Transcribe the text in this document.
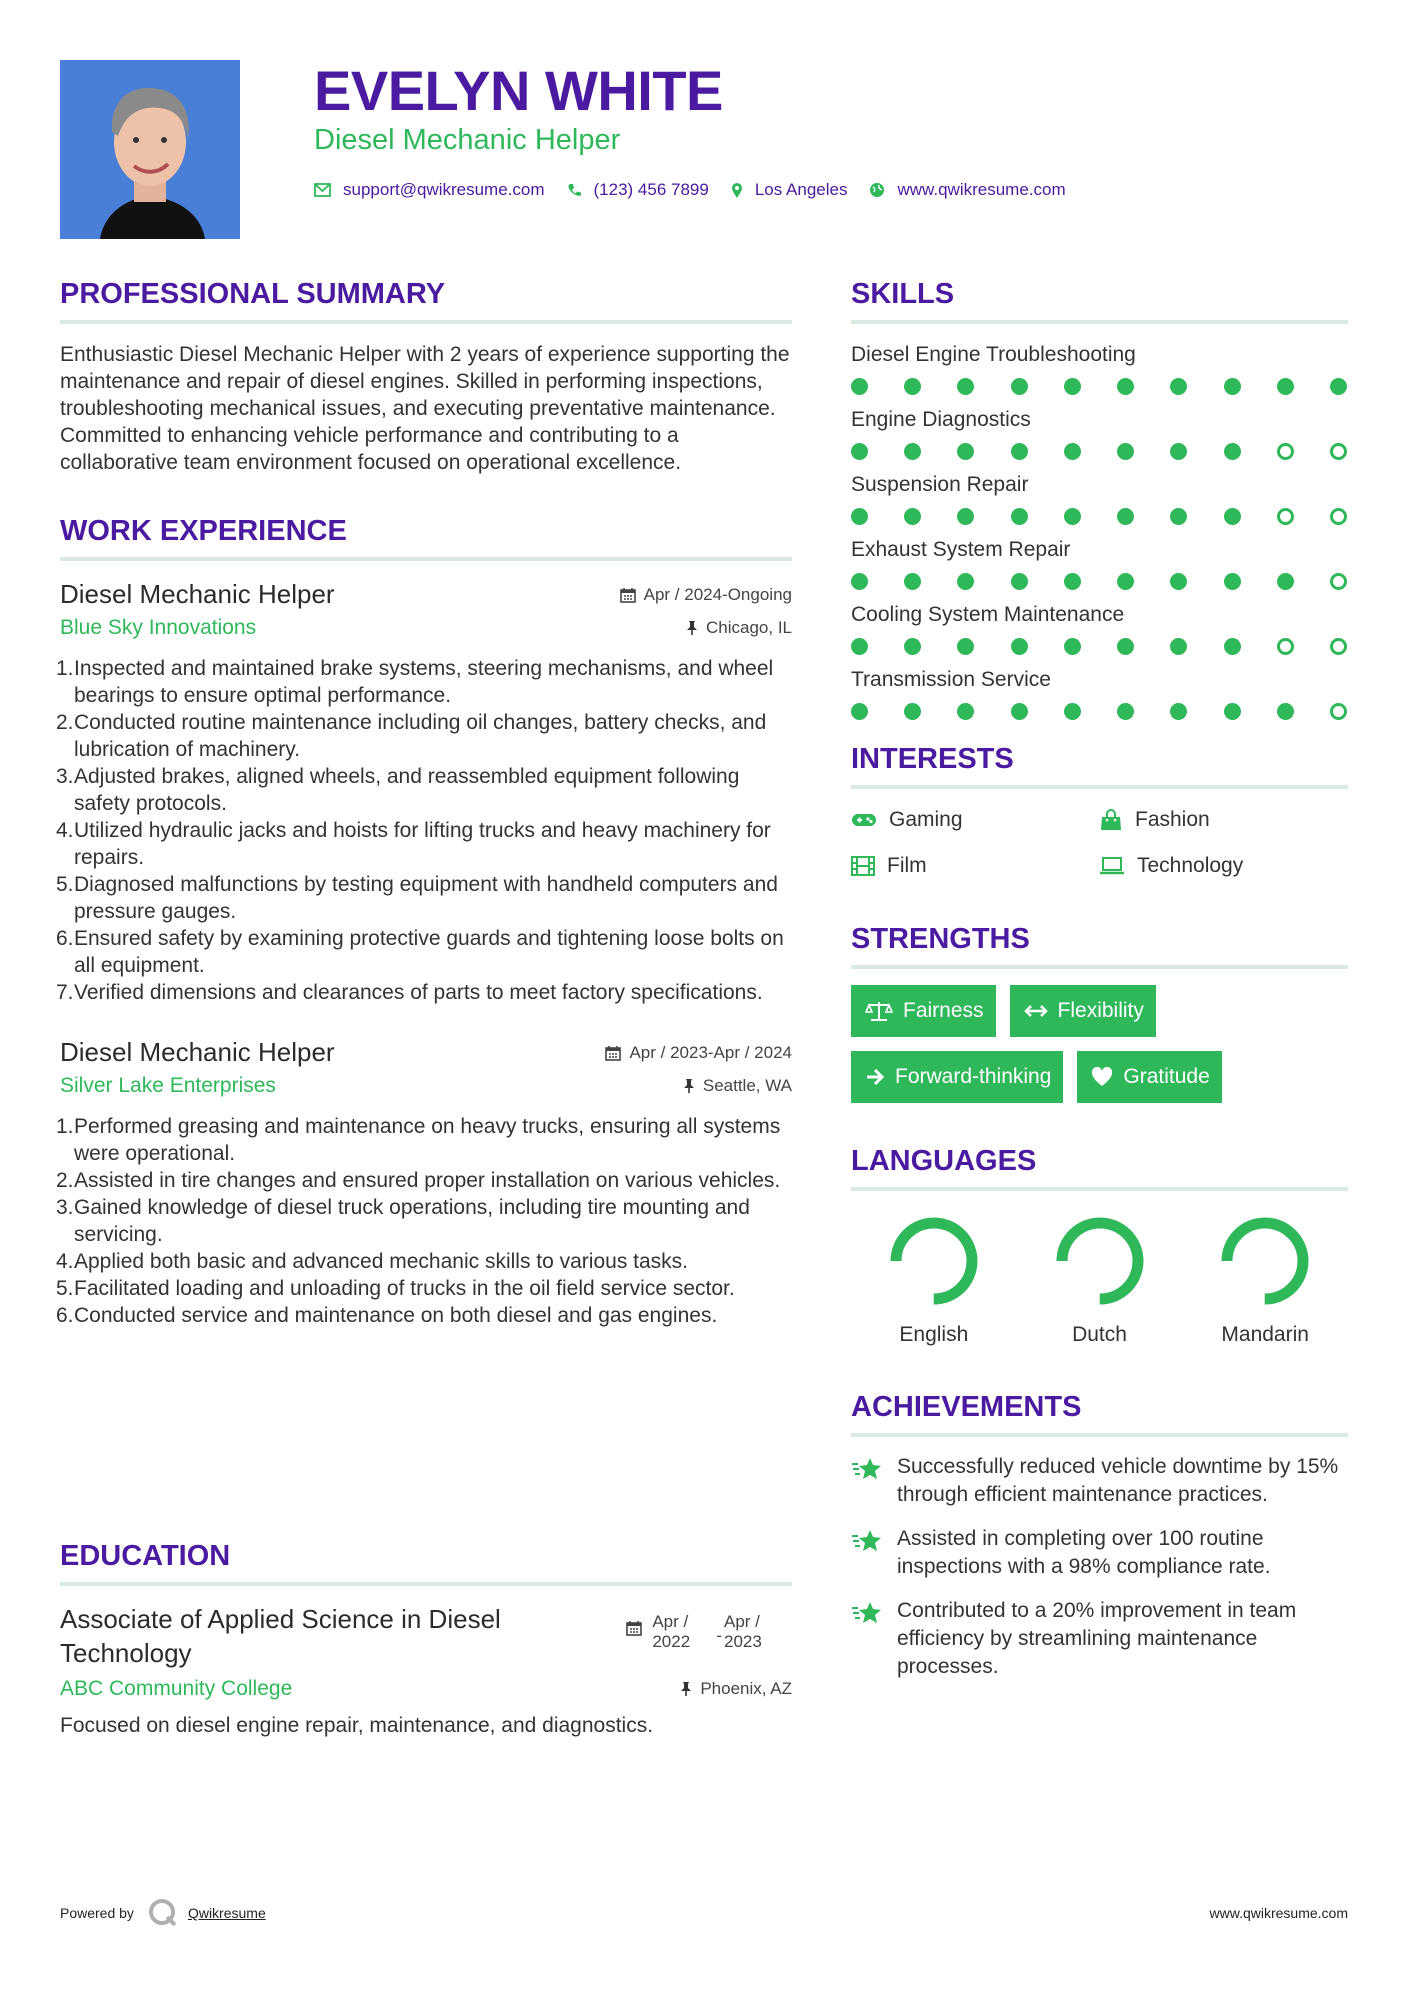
EVELYN WHITE
Diesel Mechanic Helper
support@qwikresume.com	(123) 456 7899	Los Angeles	www.qwikresume.com
PROFESSIONAL SUMMARY

Enthusiastic Diesel Mechanic Helper with 2 years of experience supporting the maintenance and repair of diesel engines. Skilled in performing inspections, troubleshooting mechanical issues, and executing preventative maintenance. Committed to enhancing vehicle performance and contributing to a collaborative team environment focused on operational excellence.

WORK EXPERIENCE
Diesel Mechanic Helper	Apr / 2024-Ongoing
Blue Sky Innovations	Chicago, IL
1. Inspected and maintained brake systems, steering mechanisms, and wheel bearings to ensure optimal performance.
2. Conducted routine maintenance including oil changes, battery checks, and lubrication of machinery.
3. Adjusted brakes, aligned wheels, and reassembled equipment following safety protocols.
4. Utilized hydraulic jacks and hoists for lifting trucks and heavy machinery for repairs.
5. Diagnosed malfunctions by testing equipment with handheld computers and pressure gauges.
6. Ensured safety by examining protective guards and tightening loose bolts on all equipment.
7. Verified dimensions and clearances of parts to meet factory specifications.
Diesel Mechanic Helper	Apr / 2023-Apr / 2024
Silver Lake Enterprises	Seattle, WA
1. Performed greasing and maintenance on heavy trucks, ensuring all systems were operational.
2. Assisted in tire changes and ensured proper installation on various vehicles.
3. Gained knowledge of diesel truck operations, including tire mounting and servicing.
4. Applied both basic and advanced mechanic skills to various tasks.
5. Facilitated loading and unloading of trucks in the oil field service sector.
6. Conducted service and maintenance on both diesel and gas engines.
EDUCATION
Associate of Applied Science in Diesel Technology
Apr / 2022	-
Apr / 2023
ABC Community College	Phoenix, AZ

Focused on diesel engine repair, maintenance, and diagnostics.

SKILLS
Diesel Engine Troubleshooting
Engine Diagnostics
Suspension Repair
Exhaust System Repair
Cooling System Maintenance
Transmission Service
INTERESTS
Gaming	Fashion
Film	Technology
STRENGTHS
Fairness	Flexibility
Forward-thinking	Gratitude
LANGUAGES
English	Dutch	Mandarin
ACHIEVEMENTS
Successfully reduced vehicle downtime by 15% through efficient maintenance practices.
Assisted in completing over 100 routine inspections with a 98% compliance rate.
Contributed to a 20% improvement in team efficiency by streamlining maintenance processes.
Powered by	Qwikresume	www.qwikresume.com
